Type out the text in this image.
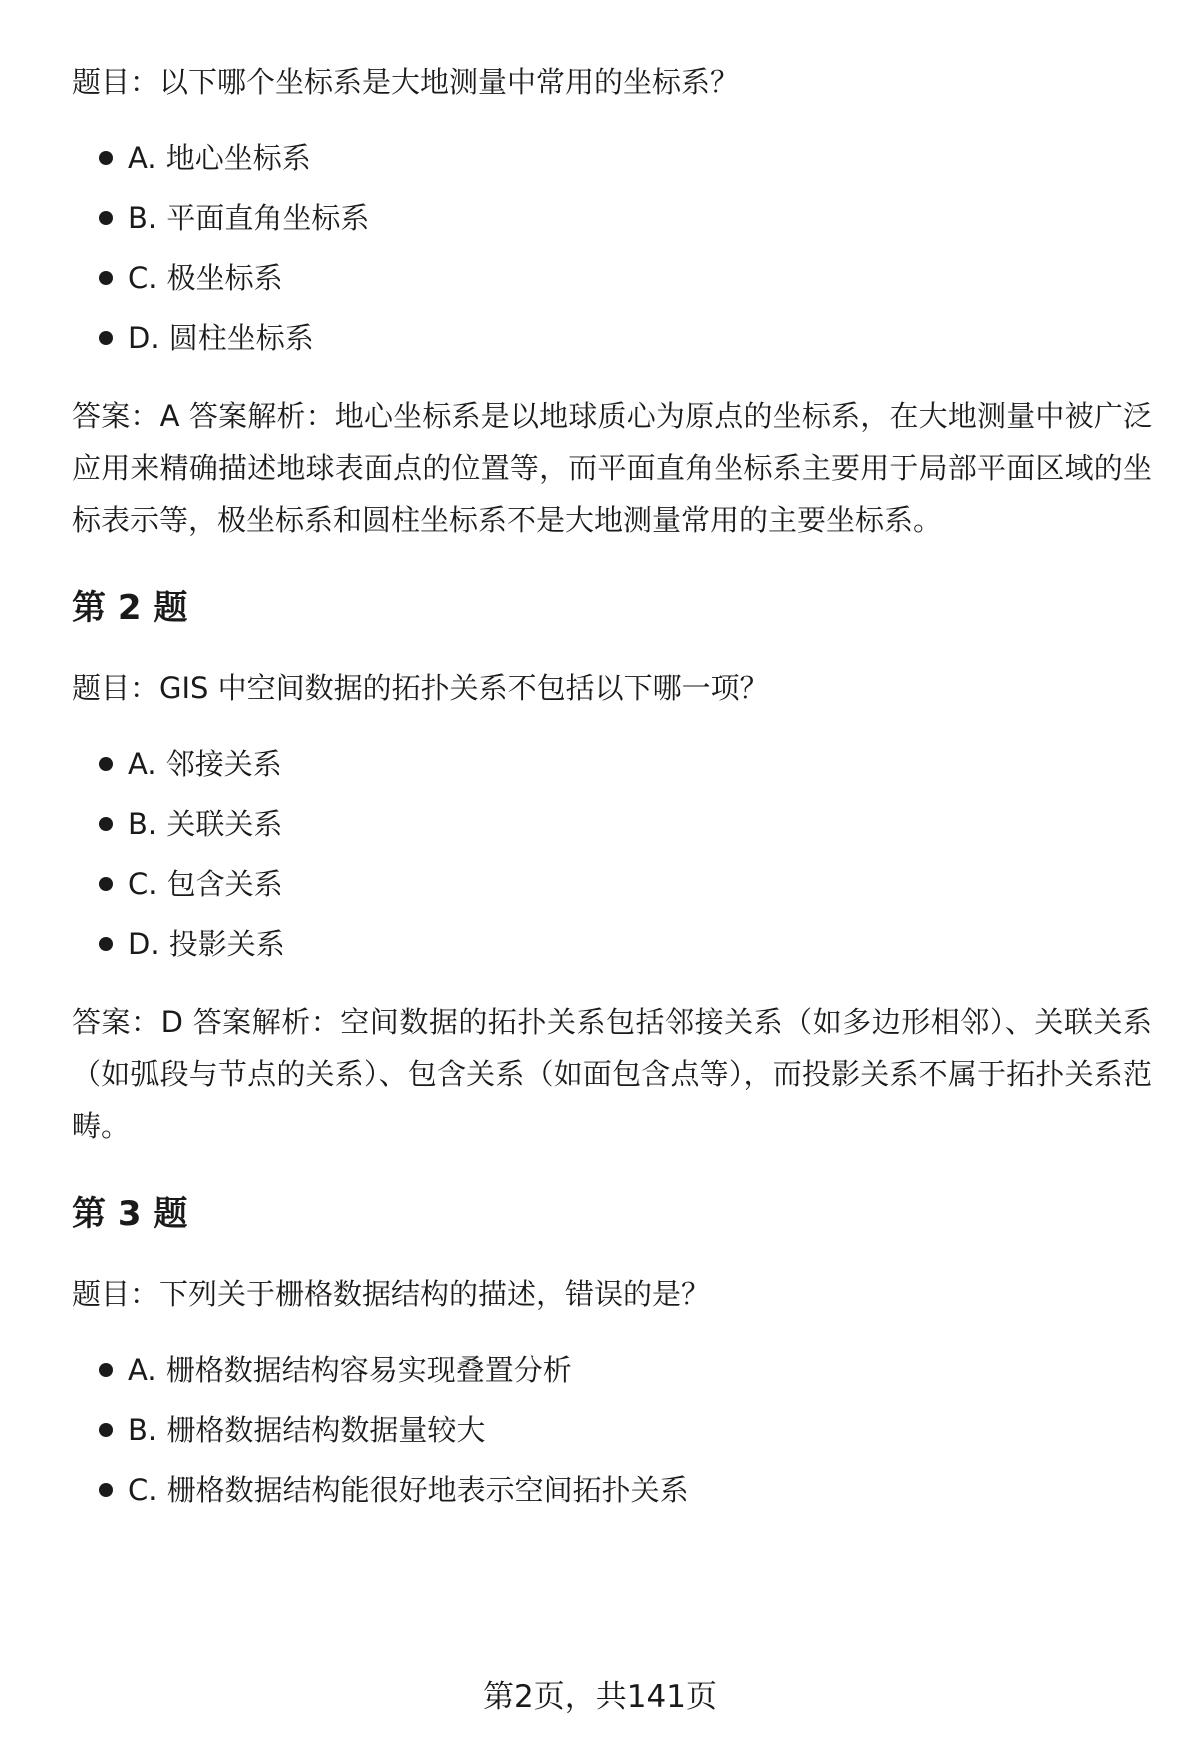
题目：以下哪个坐标系是大地测量中常用的坐标系？

A. 地心坐标系
B. 平面直角坐标系
C. 极坐标系
D. 圆柱坐标系

答案：A 答案解析：地心坐标系是以地球质心为原点的坐标系，在大地测量中被广泛应用来精确描述地球表面点的位置等，而平面直角坐标系主要用于局部平面区域的坐标表示等，极坐标系和圆柱坐标系不是大地测量常用的主要坐标系。

第 2 题

题目：GIS 中空间数据的拓扑关系不包括以下哪一项？

A. 邻接关系
B. 关联关系
C. 包含关系
D. 投影关系

答案：D 答案解析：空间数据的拓扑关系包括邻接关系（如多边形相邻）、关联关系（如弧段与节点的关系）、包含关系（如面包含点等），而投影关系不属于拓扑关系范畴。

第 3 题

题目：下列关于栅格数据结构的描述，错误的是？

A. 栅格数据结构容易实现叠置分析
B. 栅格数据结构数据量较大
C. 栅格数据结构能很好地表示空间拓扑关系
第2页，共141页
